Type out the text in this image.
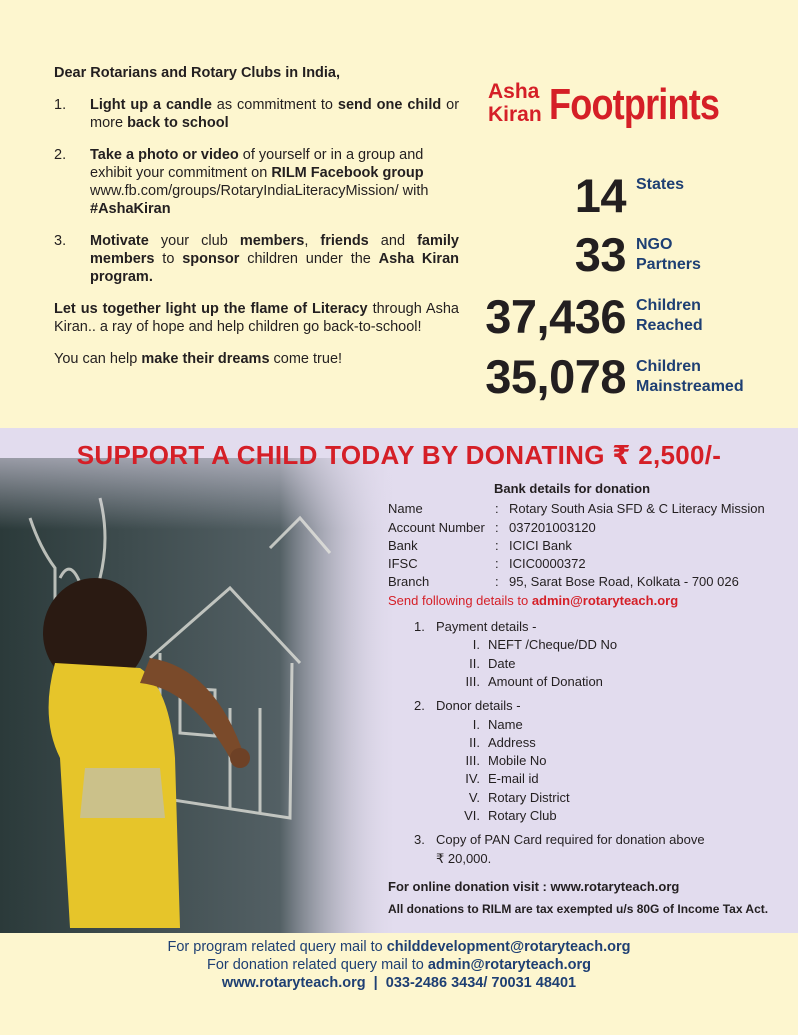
Dear Rotarians and Rotary Clubs in India,
1.	Light up a candle as commitment to send one child or more back to school
2.	Take a photo or video of yourself or in a group and exhibit your commitment on RILM Facebook group www.fb.com/groups/RotaryIndiaLiteracyMission/ with #AshaKiran
3.	Motivate your club members, friends and family members to sponsor children under the Asha Kiran program.
Let us together light up the flame of Literacy through Asha Kiran.. a ray of hope and help children go back-to-school!
You can help make their dreams come true!
Asha
Kiran Footprints
14 States
33 NGO
Partners
37,436 Children
Reached
35,078 Children
Mainstreamed
SUPPORT A CHILD TODAY BY DONATING ₹ 2,500/-
Bank details for donation
Name	: Rotary South Asia SFD & C Literacy Mission
Account Number : 037201003120
Bank	: ICICI Bank
IFSC	: ICIC0000372
Branch	: 95, Sarat Bose Road, Kolkata - 700 026
Send following details to admin@rotaryteach.org
1. Payment details -
I. NEFT /Cheque/DD No
II. Date
III. Amount of Donation
2. Donor details -
I. Name
II. Address
III. Mobile No
IV. E-mail id
V. Rotary District
VI. Rotary Club
3. Copy of PAN Card required for donation above
₹ 20,000.
For online donation visit : www.rotaryteach.org
All donations to RILM are tax exempted u/s 80G of Income Tax Act.
For program related query mail to childdevelopment@rotaryteach.org
For donation related query mail to admin@rotaryteach.org
www.rotaryteach.org  |  033-2486 3434/ 70031 48401
